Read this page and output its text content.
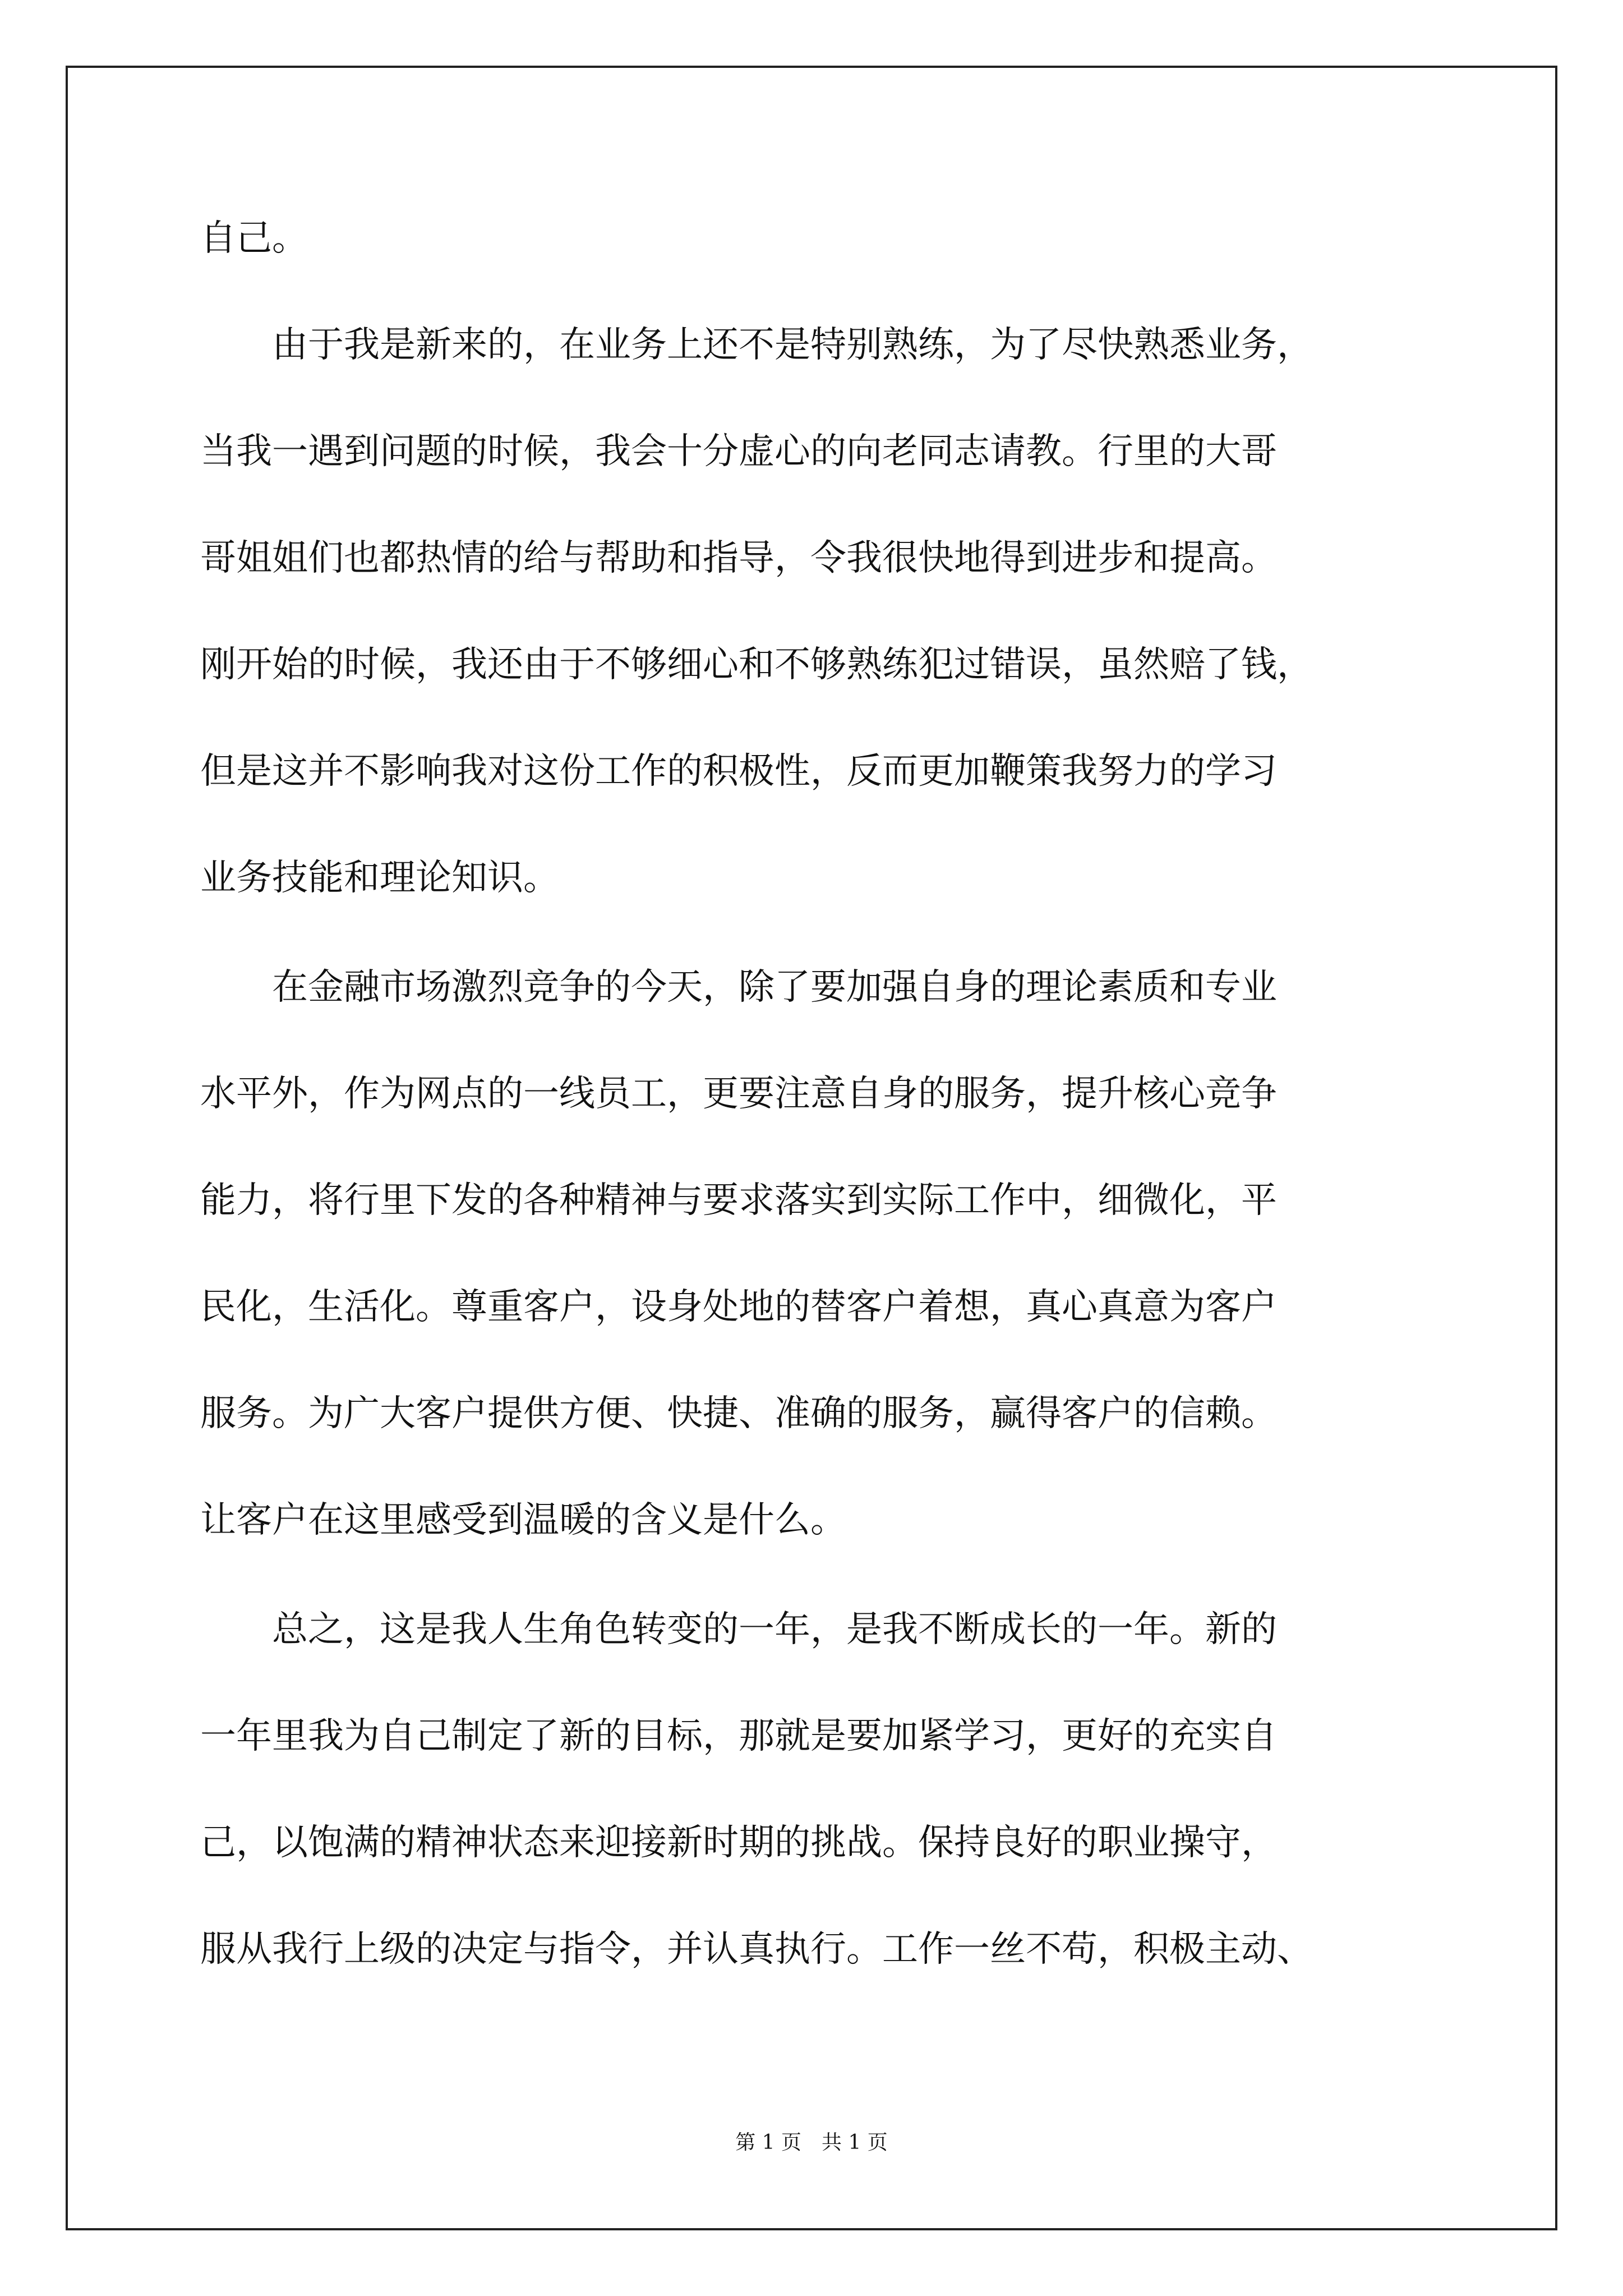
自己。
　　由于我是新来的，在业务上还不是特别熟练，为了尽快熟悉业务，
当我一遇到问题的时候，我会十分虚心的向老同志请教。行里的大哥
哥姐姐们也都热情的给与帮助和指导，令我很快地得到进步和提高。
刚开始的时候，我还由于不够细心和不够熟练犯过错误，虽然赔了钱，
但是这并不影响我对这份工作的积极性，反而更加鞭策我努力的学习
业务技能和理论知识。
　　在金融市场激烈竞争的今天，除了要加强自身的理论素质和专业
水平外，作为网点的一线员工，更要注意自身的服务，提升核心竞争
能力，将行里下发的各种精神与要求落实到实际工作中，细微化，平
民化，生活化。尊重客户，设身处地的替客户着想，真心真意为客户
服务。为广大客户提供方便、快捷、准确的服务，赢得客户的信赖。
让客户在这里感受到温暖的含义是什么。
　　总之，这是我人生角色转变的一年，是我不断成长的一年。新的
一年里我为自己制定了新的目标，那就是要加紧学习，更好的充实自
己，以饱满的精神状态来迎接新时期的挑战。保持良好的职业操守，
服从我行上级的决定与指令，并认真执行。工作一丝不苟，积极主动、
第 1 页　共 1 页
